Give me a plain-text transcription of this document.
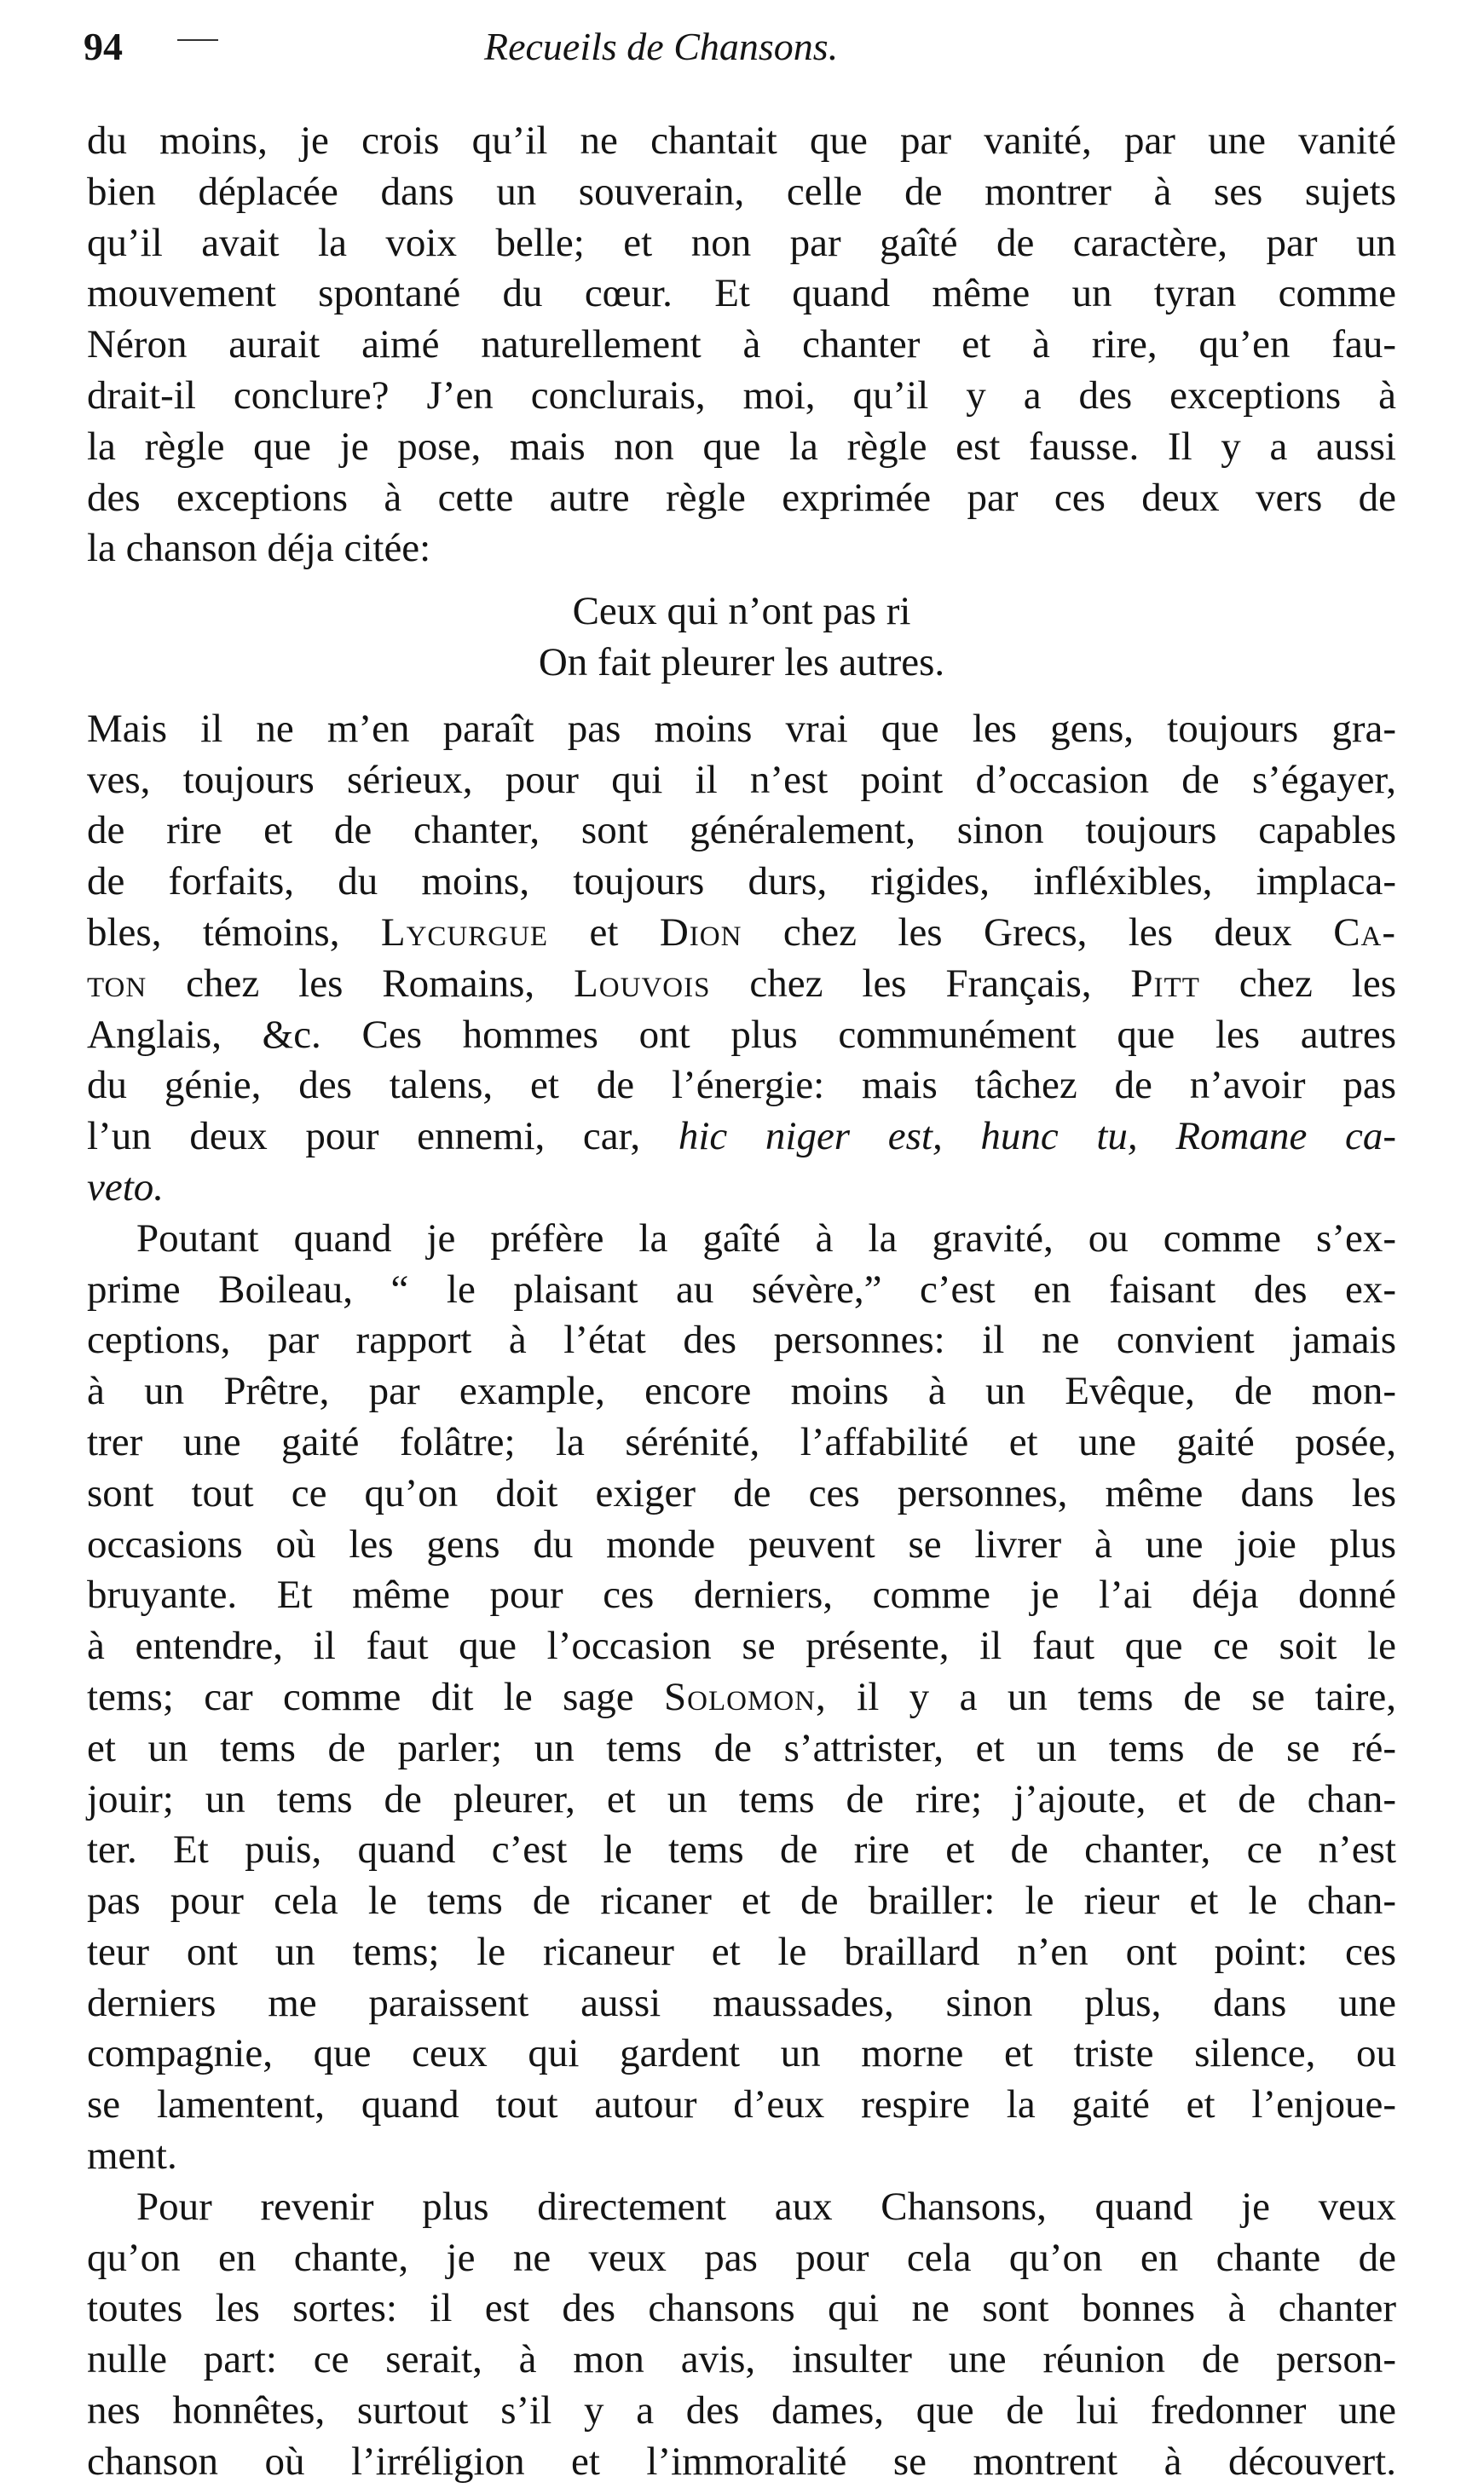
94	Recueils de Chansons.
du moins, je crois qu’il ne chantait que par vanité, par une vanité
bien déplacée dans un souverain, celle de montrer à ses sujets
qu’il avait la voix belle; et non par gaîté de caractère, par un
mouvement spontané du cœur. Et quand même un tyran comme
Néron aurait aimé naturellement à chanter et à rire, qu’en fau-
drait-il conclure? J’en conclurais, moi, qu’il y a des exceptions à
la règle que je pose, mais non que la règle est fausse. Il y a aussi
des exceptions à cette autre règle exprimée par ces deux vers de
la chanson déja citée:
Ceux qui n’ont pas ri
On fait pleurer les autres.
Mais il ne m’en paraît pas moins vrai que les gens, toujours gra-
ves, toujours sérieux, pour qui il n’est point d’occasion de s’égayer,
de rire et de chanter, sont généralement, sinon toujours capables
de forfaits, du moins, toujours durs, rigides, infléxibles, implaca-
bles, témoins, Lycurgue et Dion chez les Grecs, les deux Ca-
ton chez les Romains, Louvois chez les Français, Pitt chez les
Anglais, &c. Ces hommes ont plus communément que les autres
du génie, des talens, et de l’énergie: mais tâchez de n’avoir pas
l’un deux pour ennemi, car, hic niger est, hunc tu, Romane ca-
veto.
Poutant quand je préfère la gaîté à la gravité, ou comme s’ex-
prime Boileau, “ le plaisant au sévère,” c’est en faisant des ex-
ceptions, par rapport à l’état des personnes: il ne convient jamais
à un Prêtre, par example, encore moins à un Evêque, de mon-
trer une gaité folâtre; la sérénité, l’affabilité et une gaité posée,
sont tout ce qu’on doit exiger de ces personnes, même dans les
occasions où les gens du monde peuvent se livrer à une joie plus
bruyante. Et même pour ces derniers, comme je l’ai déja donné
à entendre, il faut que l’occasion se présente, il faut que ce soit le
tems; car comme dit le sage Solomon, il y a un tems de se taire,
et un tems de parler; un tems de s’attrister, et un tems de se ré-
jouir; un tems de pleurer, et un tems de rire; j’ajoute, et de chan-
ter. Et puis, quand c’est le tems de rire et de chanter, ce n’est
pas pour cela le tems de ricaner et de brailler: le rieur et le chan-
teur ont un tems; le ricaneur et le braillard n’en ont point: ces
derniers me paraissent aussi maussades, sinon plus, dans une
compagnie, que ceux qui gardent un morne et triste silence, ou
se lamentent, quand tout autour d’eux respire la gaité et l’enjoue-
ment.
Pour revenir plus directement aux Chansons, quand je veux
qu’on en chante, je ne veux pas pour cela qu’on en chante de
toutes les sortes: il est des chansons qui ne sont bonnes à chanter
nulle part: ce serait, à mon avis, insulter une réunion de person-
nes honnêtes, surtout s’il y a des dames, que de lui fredonner une
chanson où l’irréligion et l’immoralité se montrent à découvert.
